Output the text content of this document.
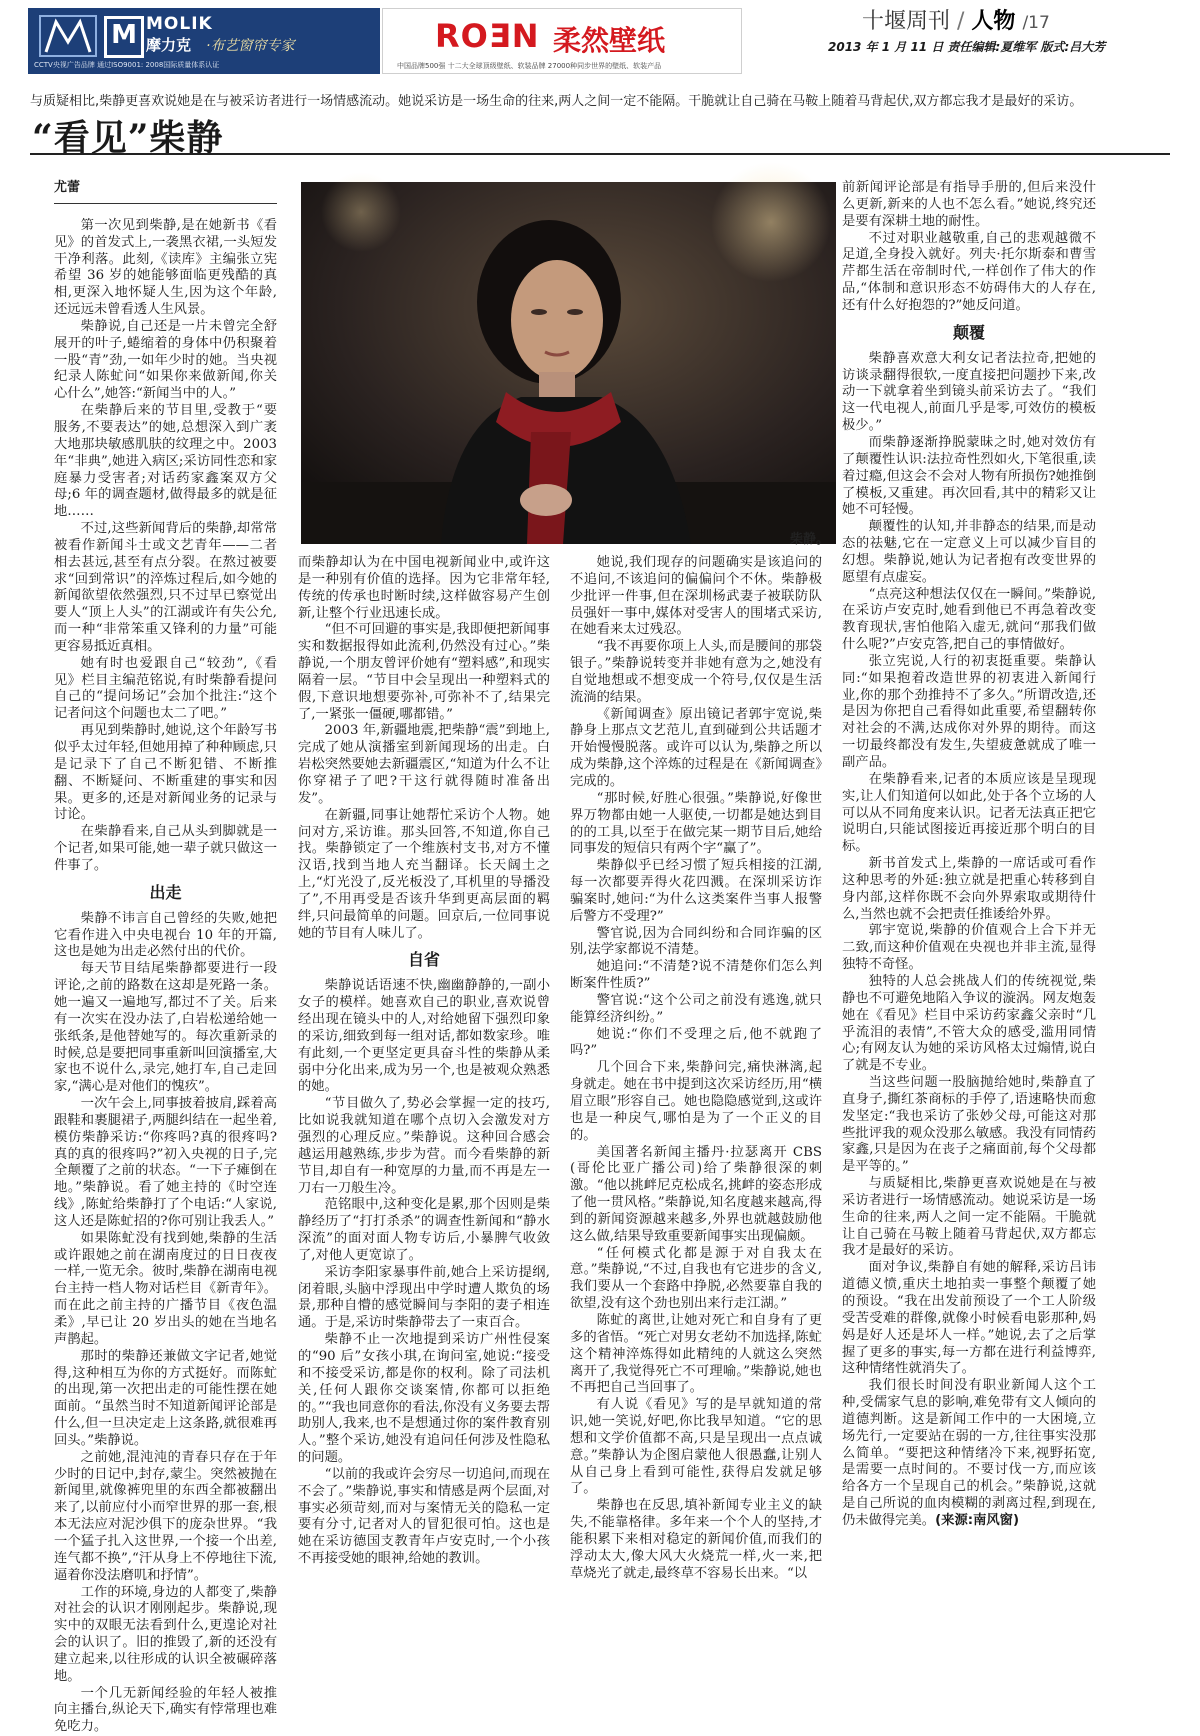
M MOLIK
摩力克 ·布艺窗帘专家
CCTV央视广告品牌 通过ISO9001: 2008国际质量体系认证
ROƎN 柔然壁纸
中国品牌500强 十二大全球顶级壁纸、软装品牌 27000种同步世界的壁纸、软装产品
十堰周刊 / 人物 /17
2013 年 1 月 11 日 责任编辑:夏维军 版式:吕大芳
与质疑相比,柴静更喜欢说她是在与被采访者进行一场情感流动。她说采访是一场生命的往来,两人之间一定不能隔。干脆就让自己骑在马鞍上随着马背起伏,双方都忘我才是最好的采访。
“看见”柴静
柴静。
尤蕾

第一次见到柴静,是在她新书《看见》的首发式上,一袭黑衣裙,一头短发干净利落。此刻,《读库》主编张立宪希望 36 岁的她能够面临更残酷的真相,更深入地怀疑人生,因为这个年龄,还远远未曾看透人生风景。

柴静说,自己还是一片未曾完全舒展开的叶子,蜷缩着的身体中仍积聚着一股“青”劲,一如年少时的她。当央视纪录人陈虻问“如果你来做新闻,你关心什么”,她答:“新闻当中的人。”

在柴静后来的节目里,受教于“要服务,不要表达”的她,总想深入到广袤大地那块敏感肌肤的纹理之中。2003 年“非典”,她进入病区;采访同性恋和家庭暴力受害者;对话药家鑫案双方父母;6 年的调查题材,做得最多的就是征地……

不过,这些新闻背后的柴静,却常常被看作新闻斗士或文艺青年——二者相去甚远,甚至有点分裂。在熬过被要求“回到常识”的淬炼过程后,如今她的新闻欲望依然强烈,只不过早已察觉出要人“顶上人头”的江湖或许有失公允,而一种“非常笨重又锋利的力量”可能更容易抵近真相。

她有时也爱跟自己“较劲”,《看见》栏目主编范铭说,有时柴静看提问自己的“提问场记”会加个批注:“这个记者问这个问题也太二了吧。”

再见到柴静时,她说,这个年龄写书似乎太过年轻,但她用掉了种种顾虑,只是记录下了自己不断犯错、不断推翻、不断疑问、不断重建的事实和因果。更多的,还是对新闻业务的记录与讨论。

在柴静看来,自己从头到脚就是一个记者,如果可能,她一辈子就只做这一件事了。

出走

柴静不讳言自己曾经的失败,她把它看作进入中央电视台 10 年的开篇,这也是她为出走必然付出的代价。

每天节目结尾柴静都要进行一段评论,之前的路数在这却是死路一条。她一遍又一遍地写,都过不了关。后来有一次实在没办法了,白岩松递给她一张纸条,是他替她写的。每次重新录的时候,总是要把同事重新叫回演播室,大家也不说什么,录完,她打车,自己走回家,“满心是对他们的愧疚”。

一次午会上,同事披着披肩,踩着高跟鞋和裹腿裙子,两腿纠结在一起坐着,模仿柴静采访:“你疼吗?真的很疼吗?真的真的很疼吗?”初入央视的日子,完全颠覆了之前的状态。“一下子瘫倒在地。”柴静说。看了她主持的《时空连线》,陈虻给柴静打了个电话:“人家说,这人还是陈虻招的?你可别让我丢人。”

如果陈虻没有找到她,柴静的生活或许跟她之前在湖南度过的日日夜夜一样,一览无余。彼时,柴静在湖南电视台主持一档人物对话栏目《新青年》。而在此之前主持的广播节目《夜色温柔》,早已让 20 岁出头的她在当地名声鹊起。

那时的柴静还兼做文字记者,她觉得,这种相互为你的方式挺好。而陈虻的出现,第一次把出走的可能性摆在她面前。“虽然当时不知道新闻评论部是什么,但一旦决定走上这条路,就很难再回头。”柴静说。

之前她,混沌沌的青春只存在于年少时的日记中,封存,蒙尘。突然被抛在新闻里,就像裤兜里的东西全都被翻出来了,以前应付小而窄世界的那一套,根本无法应对泥沙俱下的庞杂世界。“我一个猛子扎入这世界,一个接一个出差,连气都不换”,“汗从身上不停地往下流,逼着你没法磨叽和抒情”。

工作的环境,身边的人都变了,柴静对社会的认识才刚刚起步。柴静说,现实中的双眼无法看到什么,更遑论对社会的认识了。旧的推毁了,新的还没有建立起来,以往形成的认识全被碾碎落地。

一个几无新闻经验的年轻人被推向主播台,纵论天下,确实有悖常理也难免吃力。

而柴静却认为在中国电视新闻业中,或许这是一种别有价值的选择。因为它非常年轻,传统的传承也时断时续,这样做容易产生创新,让整个行业迅速长成。

“但不可回避的事实是,我即便把新闻事实和数据报得如此流利,仍然没有过心。”柴静说,一个朋友曾评价她有“塑料感”,和现实隔着一层。“节目中会呈现出一种塑料式的假,下意识地想要弥补,可弥补不了,结果完了,一紧张一僵硬,哪都错。”

2003 年,新疆地震,把柴静“震”到地上,完成了她从演播室到新闻现场的出走。白岩松突然要她去新疆震区,“知道为什么不让你穿裙子了吧?干这行就得随时准备出发”。

在新疆,同事让她帮忙采访个人物。她问对方,采访谁。那头回答,不知道,你自己找。柴静锁定了一个维族村支书,对方不懂汉语,找到当地人充当翻译。长天阔土之上,“灯光没了,反光板没了,耳机里的导播没了”,不用再受是否该升华到更高层面的羁绊,只问最简单的问题。回京后,一位同事说她的节目有人味儿了。

自省

柴静说话语速不快,幽幽静静的,一副小女子的模样。她喜欢自己的职业,喜欢说曾经出现在镜头中的人,对给她留下强烈印象的采访,细致到每一组对话,都如数家珍。唯有此刻,一个更坚定更具奋斗性的柴静从柔弱中分化出来,成为另一个,也是被观众熟悉的她。

“节目做久了,势必会掌握一定的技巧,比如说我就知道在哪个点切入会激发对方强烈的心理反应。”柴静说。这种回合感会越运用越熟练,步步为营。而今看柴静的新节目,却自有一种宽厚的力量,而不再是左一刀右一刀般生冷。

范铭眼中,这种变化是累,那个因则是柴静经历了“打打杀杀”的调查性新闻和“静水深流”的面对面人物专访后,小暴脾气收敛了,对他人更宽谅了。

采访李阳家暴事件前,她合上采访提纲,闭着眼,头脑中浮现出中学时遭人欺负的场景,那种自懵的感觉瞬间与李阳的妻子相连通。于是,采访时柴静带去了一束百合。

柴静不止一次地提到采访广州性侵案的“90 后”女孩小琪,在询问室,她说:“接受和不接受采访,都是你的权利。除了司法机关,任何人跟你交谈案情,你都可以拒绝的。”“我也同意你的看法,你没有义务要去帮助别人,我来,也不是想通过你的案件教育别人。”整个采访,她没有追问任何涉及性隐私的问题。

“以前的我或许会穷尽一切追问,而现在不会了。”柴静说,事实和情感是两个层面,对事实必须苛刻,而对与案情无关的隐私一定要有分寸,记者对人的冒犯很可怕。这也是她在采访德国支教青年卢安克时,一个小孩不再接受她的眼神,给她的教训。

她说,我们现存的问题确实是该追问的不追问,不该追问的偏偏问个不休。柴静极少批评一件事,但在深圳杨武妻子被联防队员强奸一事中,媒体对受害人的围堵式采访,在她看来太过残忍。

“我不再要你项上人头,而是腰间的那袋银子。”柴静说转变并非她有意为之,她没有自觉地想或不想变成一个符号,仅仅是生活流淌的结果。

《新闻调查》原出镜记者郭宇宽说,柴静身上那点文艺范儿,直到碰到公共话题才开始慢慢脱落。或许可以认为,柴静之所以成为柴静,这个淬炼的过程是在《新闻调查》完成的。

“那时候,好胜心很强。”柴静说,好像世界万物都由她一人驱使,一切都是她达到目的的工具,以至于在做完某一期节目后,她给同事发的短信只有两个字“赢了”。

柴静似乎已经习惯了短兵相接的江湖,每一次都要弄得火花四溅。在深圳采访诈骗案时,她问:“为什么这类案件当事人报警后警方不受理?”

警官说,因为合同纠纷和合同诈骗的区别,法学家都说不清楚。

她追问:“不清楚?说不清楚你们怎么判断案件性质?”

警官说:“这个公司之前没有逃逸,就只能算经济纠纷。”

她说:“你们不受理之后,他不就跑了吗?”

几个回合下来,柴静问完,痛快淋漓,起身就走。她在书中提到这次采访经历,用“横眉立眼”形容自己。她也隐隐感觉到,这或许也是一种戾气,哪怕是为了一个正义的目的。

美国著名新闻主播丹·拉瑟离开 CBS (哥伦比亚广播公司)给了柴静很深的刺激。“他以挑衅尼克松成名,挑衅的姿态形成了他一贯风格。”柴静说,知名度越来越高,得到的新闻资源越来越多,外界也就越鼓励他这么做,结果导致重要新闻事实出现偏颇。

“任何模式化都是源于对自我太在意。”柴静说,“不过,自我也有它进步的含义,我们要从一个套路中挣脱,必然要靠自我的欲望,没有这个劲也别出来行走江湖。”

陈虻的离世,让她对死亡和自身有了更多的省悟。“死亡对男女老幼不加选择,陈虻这个精神淬炼得如此精纯的人就这么突然离开了,我觉得死亡不可理喻。”柴静说,她也不再把自己当回事了。

有人说《看见》写的是早就知道的常识,她一笑说,好吧,你比我早知道。“它的思想和文学价值都不高,只是呈现出一点点诚意。”柴静认为企图启蒙他人很愚蠢,让别人从自己身上看到可能性,获得启发就足够了。

柴静也在反思,填补新闻专业主义的缺失,不能靠格律。多年来一个个人的坚持,才能积累下来相对稳定的新闻价值,而我们的浮动太大,像大风大火烧荒一样,火一来,把草烧光了就走,最终草不容易长出来。“以

前新闻评论部是有指导手册的,但后来没什么更新,新来的人也不怎么看。”她说,终究还是要有深耕土地的耐性。

不过对职业越敬重,自己的悲观越微不足道,全身投入就好。列夫·托尔斯泰和曹雪芹都生活在帝制时代,一样创作了伟大的作品,“体制和意识形态不妨碍伟大的人存在,还有什么好抱怨的?”她反问道。

颠覆

柴静喜欢意大利女记者法拉奇,把她的访谈录翻得很软,一度直接把问题抄下来,改动一下就拿着坐到镜头前采访去了。“我们这一代电视人,前面几乎是零,可效仿的模板极少。”

而柴静逐渐挣脱蒙昧之时,她对效仿有了颠覆性认识:法拉奇性烈如火,下笔很重,读着过瘾,但这会不会对人物有所损伤?她推倒了模板,又重建。再次回看,其中的精彩又让她不可轻慢。

颠覆性的认知,并非静态的结果,而是动态的祛魅,它在一定意义上可以减少盲目的幻想。柴静说,她认为记者抱有改变世界的愿望有点虚妄。

“点亮这种想法仅仅在一瞬间。”柴静说,在采访卢安克时,她看到他已不再急着改变教育现状,害怕他陷入虚无,就问“那我们做什么呢?”卢安克答,把自己的事情做好。

张立宪说,人行的初衷挺重要。柴静认同:“如果抱着改造世界的初衷进入新闻行业,你的那个劲推持不了多久。”所谓改造,还是因为你把自己看得如此重要,希望翻转你对社会的不满,达成你对外界的期待。而这一切最终都没有发生,失望疲惫就成了唯一副产品。

在柴静看来,记者的本质应该是呈现现实,让人们知道何以如此,处于各个立场的人可以从不同角度来认识。记者无法真正把它说明白,只能试图接近再接近那个明白的目标。

新书首发式上,柴静的一席话或可看作这种思考的外延:独立就是把重心转移到自身内部,这样你既不会向外界索取或期待什么,当然也就不会把责任推诿给外界。

郭宇宽说,柴静的价值观合上合下并无二致,而这种价值观在央视也并非主流,显得独特不奇怪。

独特的人总会挑战人们的传统视觉,柴静也不可避免地陷入争议的漩涡。网友炮轰她在《看见》栏目中采访药家鑫父亲时“几乎流泪的表情”,不管大众的感受,滥用同情心;有网友认为她的采访风格太过煽情,说白了就是不专业。

当这些问题一股脑抛给她时,柴静直了直身子,撕红茶商标的手停了,语速略快而愈发坚定:“我也采访了张妙父母,可能这对那些批评我的观众没那么敏感。我没有同情药家鑫,只是因为在丧子之痛面前,每个父母都是平等的。”

与质疑相比,柴静更喜欢说她是在与被采访者进行一场情感流动。她说采访是一场生命的往来,两人之间一定不能隔。干脆就让自己骑在马鞍上随着马背起伏,双方都忘我才是最好的采访。

面对争议,柴静自有她的解释,采访吕讳道德义愤,重庆土地拍卖一事整个颠覆了她的预设。“我在出发前预设了一个工人阶级受苦受难的群像,就像小时候看电影那种,妈妈是好人还是坏人一样。”她说,去了之后掌握了更多的事实,每一方都在进行利益博弈,这种情绪性就消失了。

我们很长时间没有职业新闻人这个工种,受儒家气息的影响,难免带有文人倾向的道德判断。这是新闻工作中的一大困境,立场先行,一定要站在弱的一方,往往事实没那么简单。“要把这种情绪冷下来,视野拓宽,是需要一点时间的。不要讨伐一方,而应该给各方一个呈现自己的机会。”柴静说,这就是自己所说的血肉模糊的剥离过程,到现在,仍未做得完美。(来源:南风窗)
